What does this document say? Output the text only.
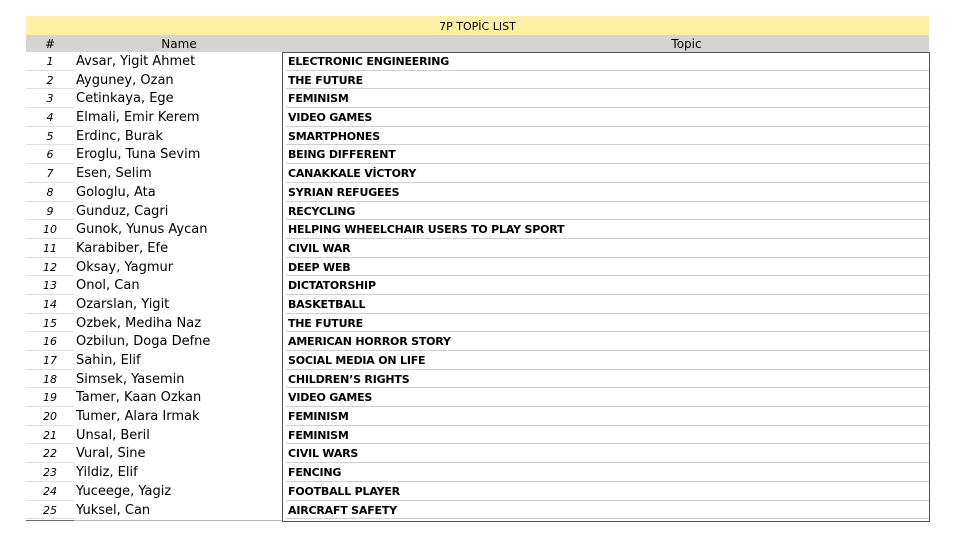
7P TOPİC LIST
#	Name	Topic
1	Avsar, Yigit Ahmet	ELECTRONIC ENGINEERING
2	Ayguney, Ozan	THE FUTURE
3	Cetinkaya, Ege	FEMINISM
4	Elmali, Emir Kerem	VIDEO GAMES
5	Erdinc, Burak	SMARTPHONES
6	Eroglu, Tuna Sevim	BEING DIFFERENT
7	Esen, Selim	CANAKKALE VİCTORY
8	Gologlu, Ata	SYRIAN REFUGEES
9	Gunduz, Cagri	RECYCLING
10	Gunok, Yunus Aycan	HELPING WHEELCHAIR USERS TO PLAY SPORT
11	Karabiber, Efe	CIVIL WAR
12	Oksay, Yagmur	DEEP WEB
13	Onol, Can	DICTATORSHIP
14	Ozarslan, Yigit	BASKETBALL
15	Ozbek, Mediha Naz	THE FUTURE
16	Ozbilun, Doga Defne	AMERICAN HORROR STORY
17	Sahin, Elif	SOCIAL MEDIA ON LIFE
18	Simsek, Yasemin	CHILDREN’S RIGHTS
19	Tamer, Kaan Ozkan	VIDEO GAMES
20	Tumer, Alara Irmak	FEMINISM
21	Unsal, Beril	FEMINISM
22	Vural, Sine	CIVIL WARS
23	Yildiz, Elif	FENCING
24	Yuceege, Yagiz	FOOTBALL PLAYER
25	Yuksel, Can	AIRCRAFT SAFETY
